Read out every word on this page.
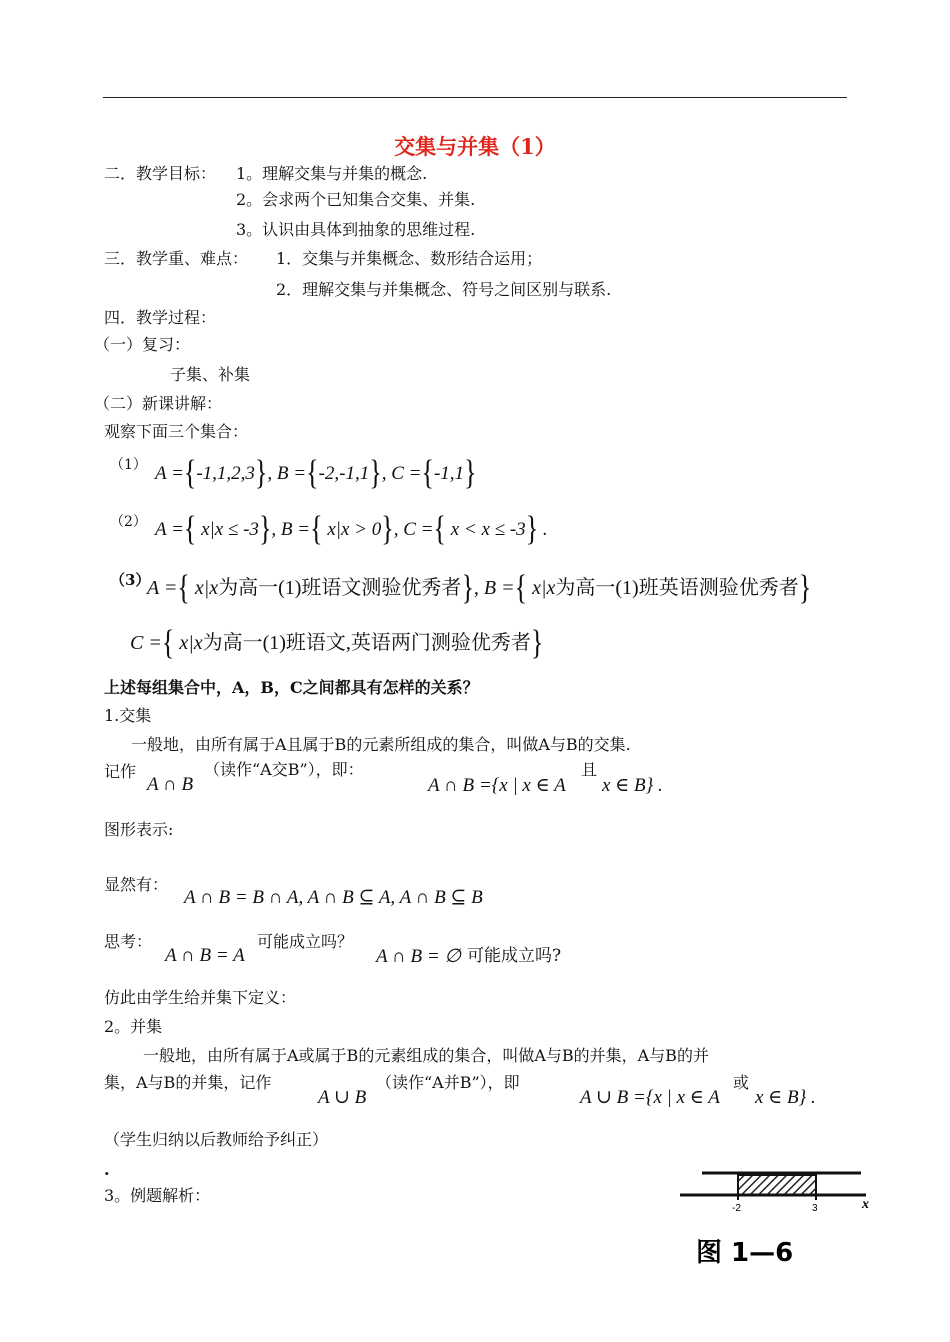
交集与并集（1）
二．教学目标： 1。理解交集与并集的概念.
2。会求两个已知集合交集、并集.
3。认识由具体到抽象的思维过程.
三．教学重、难点： 1．交集与并集概念、数形结合运用；
2．理解交集与并集概念、符号之间区别与联系.
四．教学过程：
（一）复习：
子集、补集
（二）新课讲解：
观察下面三个集合：
（1） A ={-1,1,2,3}, B ={-2,-1,1}, C ={-1,1}
（2） A ={ x|x ≤ -3}, B ={ x|x > 0}, C ={ x < x ≤ -3} .
（3）
A ={ x|x为高一(1)班语文测验优秀者}, B ={ x|x为高一(1)班英语测验优秀者}
C ={ x|x为高一(1)班语文,英语两门测验优秀者}
上述每组集合中，A，B，C之间都具有怎样的关系？
1.交集
一般地，由所有属于A且属于B的元素所组成的集合，叫做A与B的交集.
记作
A ∩ B
（读作“A交B”），即：
A ∩ B ={x | x ∈ A
且
x ∈ B} .
图形表示:
显然有：
A ∩ B = B ∩ A, A ∩ B ⊆ A, A ∩ B ⊆ B
思考：
A ∩ B = A
可能成立吗？
A ∩ B = ∅ 可能成立吗?
仿此由学生给并集下定义：
2。并集
一般地，由所有属于A或属于B的元素组成的集合，叫做A与B的并集，A与B的并
集，A与B的并集，记作
A ∪ B
（读作“A并B”），即
A ∪ B ={x | x ∈ A
或
x ∈ B} .
（学生归纳以后教师给予纠正）
.
3。例题解析：
-2	3	x
图 1—6
